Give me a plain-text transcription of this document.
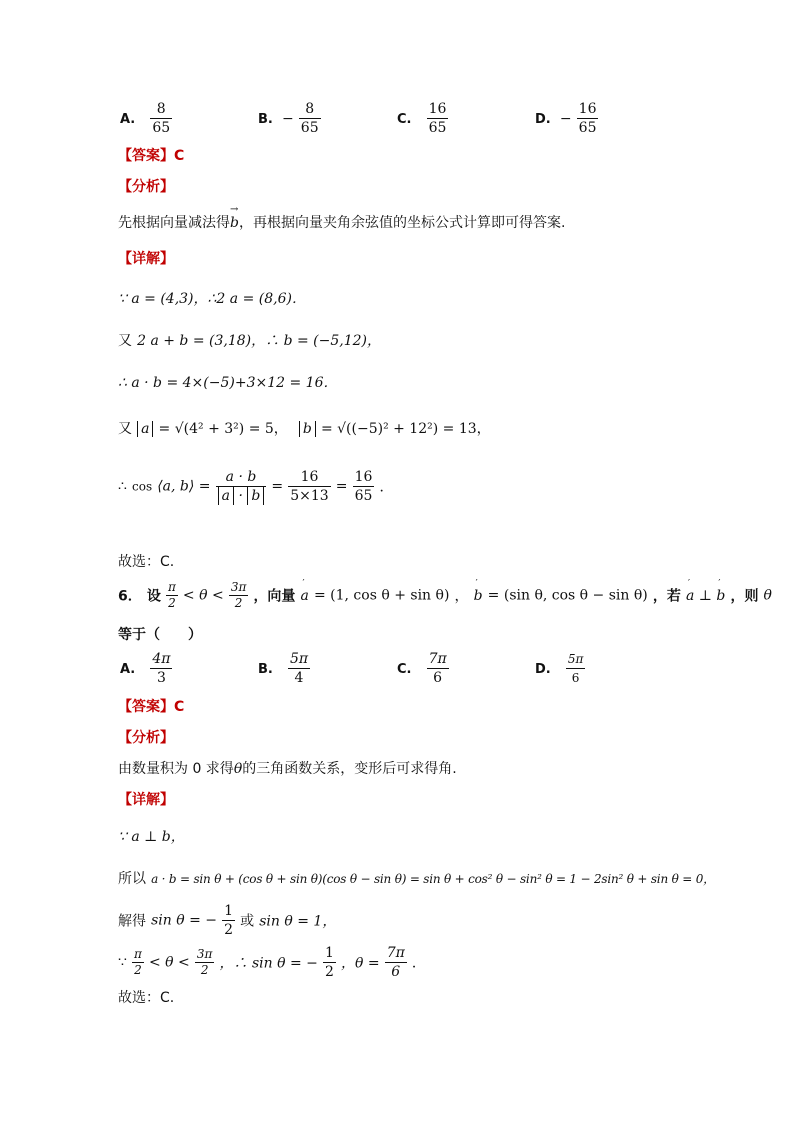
A. $\frac{8}{65}$	B. − $\frac{8}{65}$	C. $\frac{16}{65}$	D. − $\frac{16}{65}$
【答案】C
【分析】
先根据向量减法得→ b，再根据向量夹角余弦值的坐标公式计算即可得答案.
【详解】
∵ a = (4,3)，∴2 a = (8,6)．
又 2 a + b = (3,18)，∴ b = (−5,12)，
∴ a · b = 4×(−5)+3×12 = 16．
又 a = √(4² + 3²) = 5， b = √((−5)² + 12²) = 13，
∴ cos ⟨a, b⟩ = $\frac{a \cdot b}{a \cdot b} = \frac{16}{5\times 13} = \frac{16}{65}$ ．
故选：C.
6． 设 $\frac{\pi}{2} < \theta < \frac{3\pi}{2}$ ，向量 ′ a = (1, cos θ + sin θ) ， ′ b = (sin θ, cos θ − sin θ) ，若 ′ a ⊥ ′ b ，则 θ
等于（　　）
A. $\frac{4\pi}{3}$	B. $\frac{5\pi}{4}$	C. $\frac{7\pi}{6}$	D. $\frac{5\pi}{6}$
【答案】C
【分析】
由数量积为 0 求得θ的三角函数关系，变形后可求得角.
【详解】
∵ a ⊥ b，
所以 a · b = sin θ + (cos θ + sin θ)(cos θ − sin θ) = sin θ + cos² θ − sin² θ = 1 − 2sin² θ + sin θ = 0，
解得 sin θ = − $\frac{1}{2}$ 或 sin θ = 1，
∵ $\frac{\pi}{2} < \theta < \frac{3\pi}{2}$ ，∴ sin θ = − $\frac{1}{2}$ ，$\theta = \frac{7\pi}{6}$ ．
故选：C.
